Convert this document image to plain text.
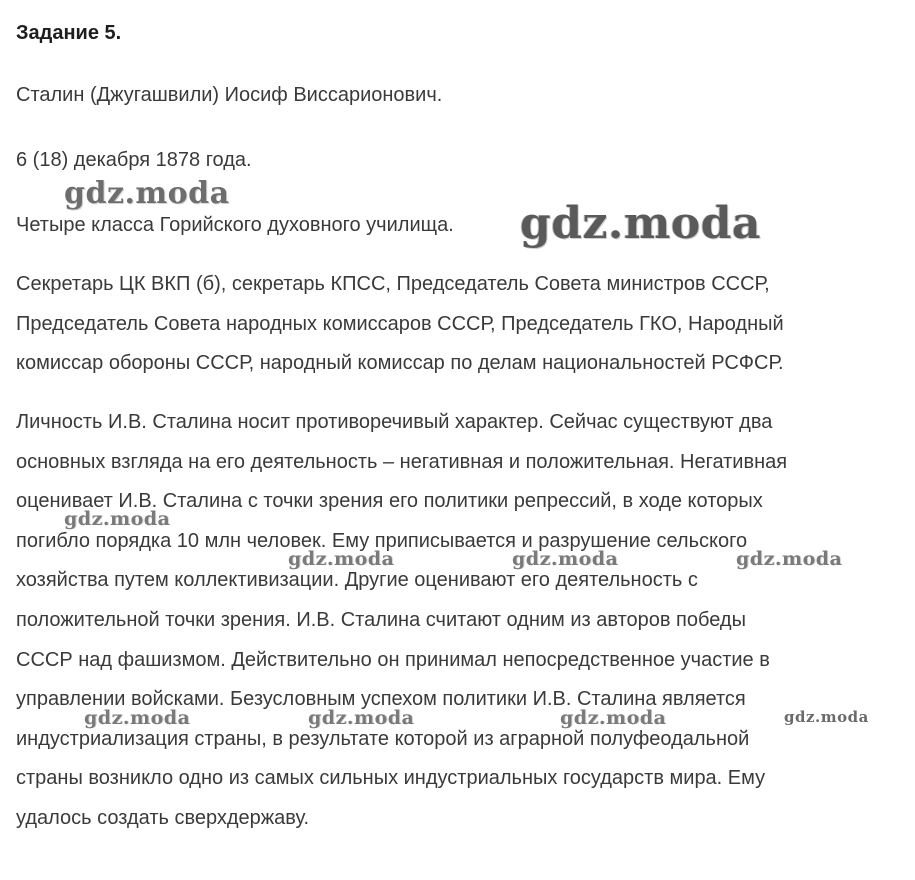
Задание 5.
Сталин (Джугашвили) Иосиф Виссарионович.
6 (18) декабря 1878 года.
Четыре класса Горийского духовного училища.
Секретарь ЦК ВКП (б), секретарь КПСС, Председатель Совета министров СССР,
Председатель Совета народных комиссаров СССР, Председатель ГКО, Народный
комиссар обороны СССР, народный комиссар по делам национальностей РСФСР.
Личность И.В. Сталина носит противоречивый характер. Сейчас существуют два
основных взгляда на его деятельность – негативная и положительная. Негативная
оценивает И.В. Сталина с точки зрения его политики репрессий, в ходе которых
погибло порядка 10 млн человек. Ему приписывается и разрушение сельского
хозяйства путем коллективизации. Другие оценивают его деятельность с
положительной точки зрения. И.В. Сталина считают одним из авторов победы
СССР над фашизмом. Действительно он принимал непосредственное участие в
управлении войсками. Безусловным успехом политики И.В. Сталина является
индустриализация страны, в результате которой из аграрной полуфеодальной
страны возникло одно из самых сильных индустриальных государств мира. Ему
удалось создать сверхдержаву.
gdz.moda
gdz.moda
gdz.moda
gdz.moda	gdz.moda	gdz.moda
gdz.moda	gdz.moda	gdz.moda	gdz.moda
